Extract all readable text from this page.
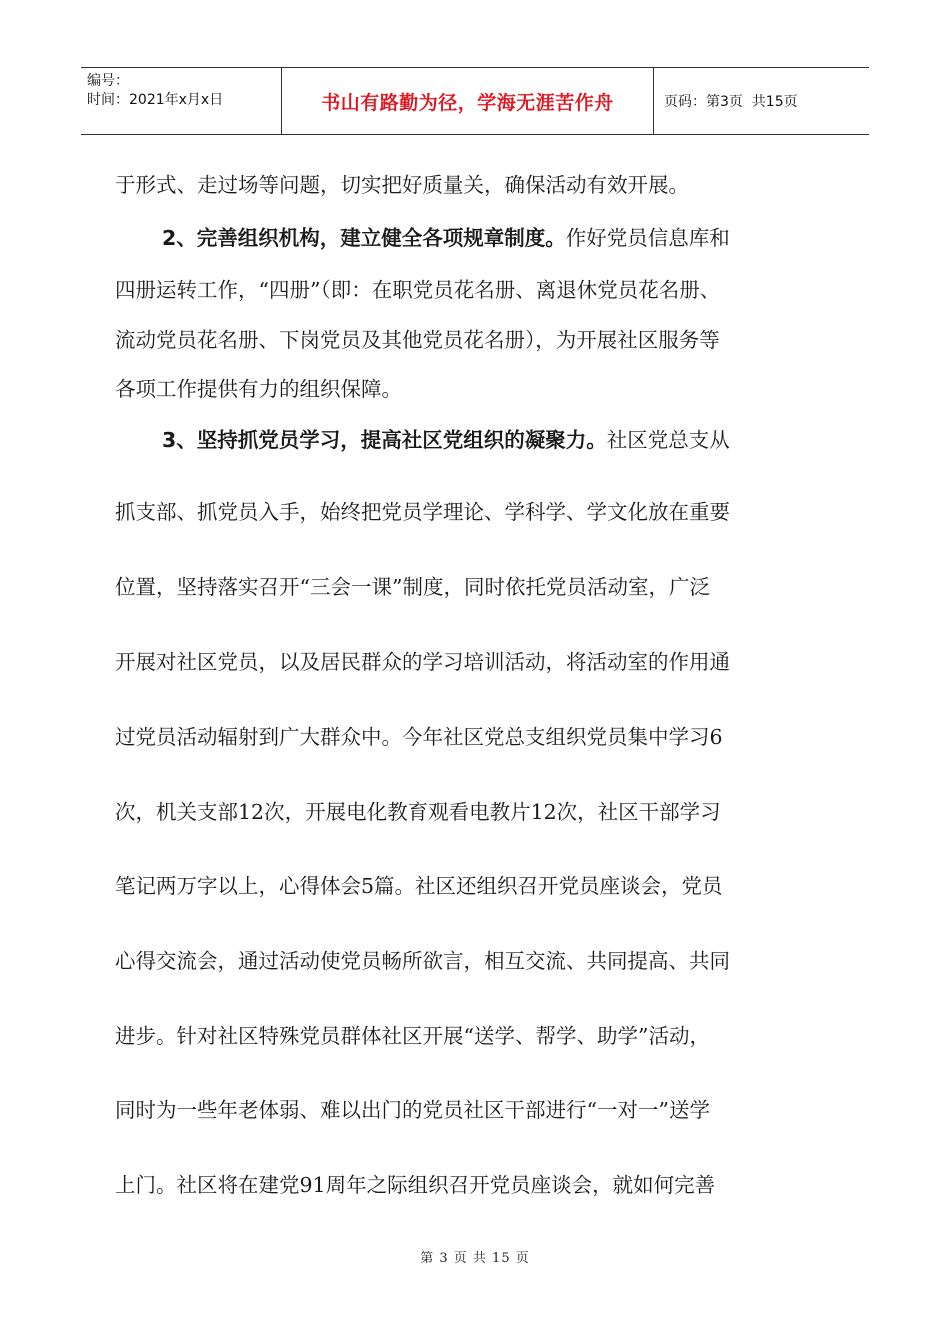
编号：
时间：2021年x月x日	书山有路勤为径，学海无涯苦作舟	页码：第3页  共15页
于形式、走过场等问题，切实把好质量关，确保活动有效开展。
2、完善组织机构，建立健全各项规章制度。作好党员信息库和
四册运转工作，“四册”（即：在职党员花名册、离退休党员花名册、
流动党员花名册、下岗党员及其他党员花名册），为开展社区服务等
各项工作提供有力的组织保障。
3、坚持抓党员学习，提高社区党组织的凝聚力。社区党总支从
抓支部、抓党员入手，始终把党员学理论、学科学、学文化放在重要
位置，坚持落实召开“三会一课”制度，同时依托党员活动室，广泛
开展对社区党员，以及居民群众的学习培训活动，将活动室的作用通
过党员活动辐射到广大群众中。今年社区党总支组织党员集中学习6
次，机关支部12次，开展电化教育观看电教片12次，社区干部学习
笔记两万字以上，心得体会5篇。社区还组织召开党员座谈会，党员
心得交流会，通过活动使党员畅所欲言，相互交流、共同提高、共同
进步。针对社区特殊党员群体社区开展“送学、帮学、助学”活动，
同时为一些年老体弱、难以出门的党员社区干部进行“一对一”送学
上门。社区将在建党91周年之际组织召开党员座谈会，就如何完善
第 3 页 共 15 页
